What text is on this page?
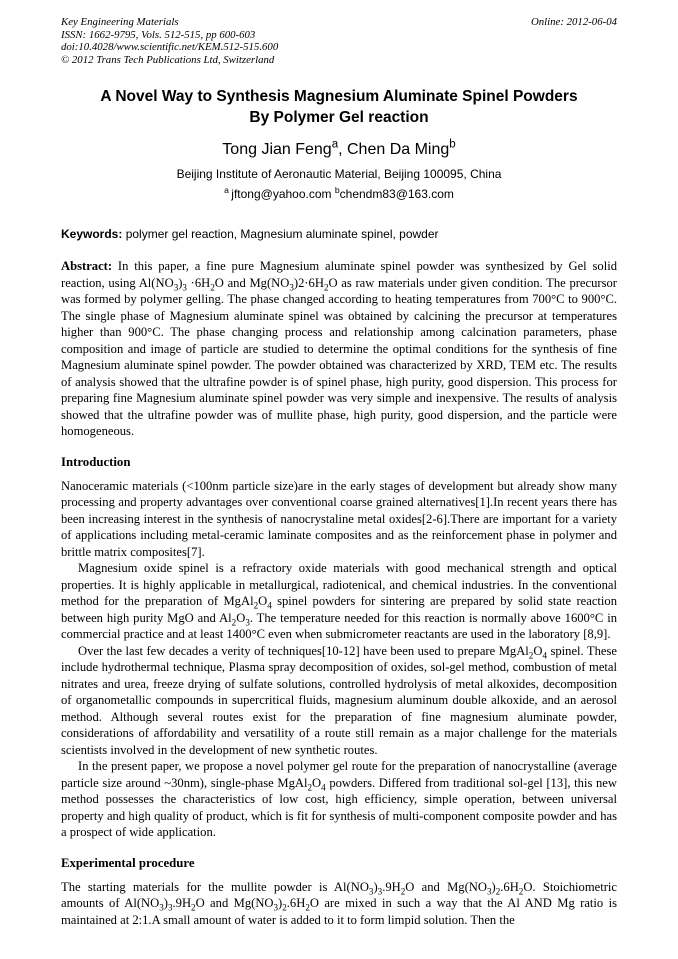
Key Engineering Materials
ISSN: 1662-9795, Vols. 512-515, pp 600-603
doi:10.4028/www.scientific.net/KEM.512-515.600
© 2012 Trans Tech Publications Ltd, Switzerland
Online: 2012-06-04
A Novel Way to Synthesis Magnesium Aluminate Spinel Powders
By Polymer Gel reaction
Tong Jian Feng$^a$, Chen Da Ming$^b$
Beijing Institute of Aeronautic Material, Beijing 100095, China
$^a$ jftong@yahoo.com $^b$chendm83@163.com
Keywords: polymer gel reaction, Magnesium aluminate spinel, powder

Abstract: In this paper, a fine pure Magnesium aluminate spinel powder was synthesized by Gel solid reaction, using $Al(NO_3)_3 \cdot 6H_2O$ and $Mg(NO_3)2\cdot 6H_2O$ as raw materials under given condition. The precursor was formed by polymer gelling. The phase changed according to heating temperatures from 700°C to 900°C. The single phase of Magnesium aluminate spinel was obtained by calcining the precursor at temperatures higher than 900°C. The phase changing process and relationship among calcination parameters, phase composition and image of particle are studied to determine the optimal conditions for the synthesis of fine Magnesium aluminate spinel powder. The powder obtained was characterized by XRD, TEM etc. The results of analysis showed that the ultrafine powder is of spinel phase, high purity, good dispersion. This process for preparing fine Magnesium aluminate spinel powder was very simple and inexpensive. The results of analysis showed that the ultrafine powder was of mullite phase, high purity, good dispersion, and the particle were homogeneous.

Introduction

Nanoceramic materials (<100nm particle size)are in the early stages of development but already show many processing and property advantages over conventional coarse grained alternatives[1].In recent years there has been increasing interest in the synthesis of nanocrystaline metal oxides[2-6].There are important for a variety of applications including metal-ceramic laminate composites and as the reinforcement phase in polymer and brittle matrix composites[7].

Magnesium oxide spinel is a refractory oxide materials with good mechanical strength and optical properties. It is highly applicable in metallurgical, radiotenical, and chemical industries. In the conventional method for the preparation of $MgAl_2O_4$ spinel powders for sintering are prepared by solid state reaction between high purity MgO and $Al_2O_3$. The temperature needed for this reaction is normally above 1600°C in commercial practice and at least 1400°C even when submicrometer reactants are used in the laboratory [8,9].

Over the last few decades a verity of techniques[10-12] have been used to prepare $MgAl_2O_4$ spinel. These include hydrothermal technique, Plasma spray decomposition of oxides, sol-gel method, combustion of metal nitrates and urea, freeze drying of sulfate solutions, controlled hydrolysis of metal alkoxides, decomposition of organometallic compounds in supercritical fluids, magnesium aluminum double alkoxide, and an aerosol method. Although several routes exist for the preparation of fine magnesium aluminate powder, considerations of affordability and versatility of a route still remain as a major challenge for the materials scientists involved in the development of new synthetic routes.

In the present paper, we propose a novel polymer gel route for the preparation of nanocrystalline (average particle size around ~30nm), single-phase $MgAl_2O_4$ powders. Differed from traditional sol-gel [13], this new method possesses the characteristics of low cost, high efficiency, simple operation, between universal property and high quality of product, which is fit for synthesis of multi-component composite powder and has a prospect of wide application.

Experimental procedure

The starting materials for the mullite powder is $Al(NO_3)_3.9H_2O$ and $Mg(NO_3)_2.6H_2O$. Stoichiometric amounts of $Al(NO_3)_3.9H_2O$ and $Mg(NO_3)_2.6H_2O$ are mixed in such a way that the Al AND Mg ratio is maintained at 2:1.A small amount of water is added to it to form limpid solution. Then the
